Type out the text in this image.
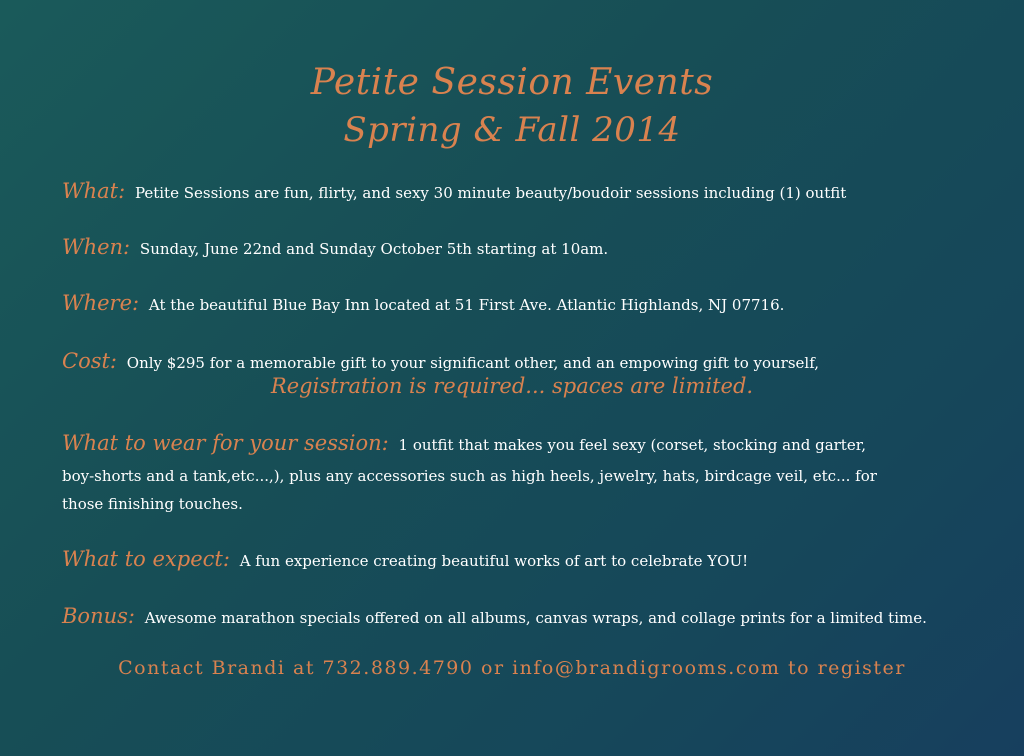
Petite Session Events
Spring & Fall 2014
What: Petite Sessions are fun, flirty, and sexy 30 minute beauty/boudoir sessions including (1) outfit
When: Sunday, June 22nd and Sunday October 5th starting at 10am.
Where: At the beautiful Blue Bay Inn located at 51 First Ave. Atlantic Highlands, NJ 07716.
Cost: Only $295 for a memorable gift to your significant other, and an empowing gift to yourself,
Registration is required... spaces are limited.
What to wear for your session: 1 outfit that makes you feel sexy (corset, stocking and garter,
boy-shorts and a tank,etc...,), plus any accessories such as high heels, jewelry, hats, birdcage veil, etc... for
those finishing touches.
What to expect: A fun experience creating beautiful works of art to celebrate YOU!
Bonus: Awesome marathon specials offered on all albums, canvas wraps, and collage prints for a limited time.
Contact Brandi at 732.889.4790 or info@brandigrooms.com to register
